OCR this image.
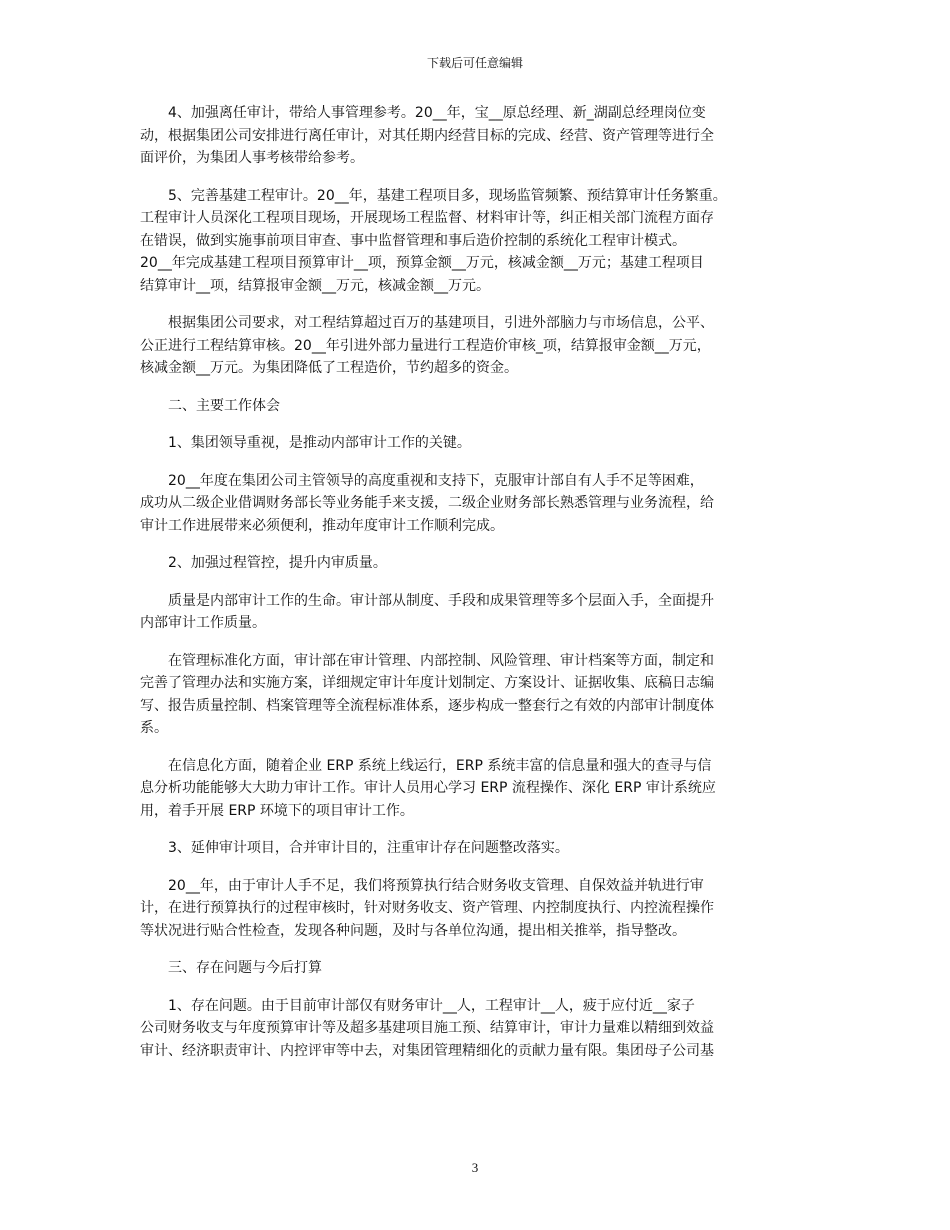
下载后可任意编辑

4、加强离任审计，带给人事管理参考。20__年，宝__原总经理、新_湖副总经理岗位变
动，根据集团公司安排进行离任审计，对其任期内经营目标的完成、经营、资产管理等进行全
面评价，为集团人事考核带给参考。

5、完善基建工程审计。20__年，基建工程项目多，现场监管频繁、预结算审计任务繁重。
工程审计人员深化工程项目现场，开展现场工程监督、材料审计等，纠正相关部门流程方面存
在错误，做到实施事前项目审查、事中监督管理和事后造价控制的系统化工程审计模式。
20__年完成基建工程项目预算审计__项，预算金额__万元，核减金额__万元；基建工程项目
结算审计__项，结算报审金额__万元，核减金额__万元。

根据集团公司要求，对工程结算超过百万的基建项目，引进外部脑力与市场信息，公平、
公正进行工程结算审核。20__年引进外部力量进行工程造价审核_项，结算报审金额__万元，
核减金额__万元。为集团降低了工程造价，节约超多的资金。

二、主要工作体会

1、集团领导重视，是推动内部审计工作的关键。

20__年度在集团公司主管领导的高度重视和支持下，克服审计部自有人手不足等困难，
成功从二级企业借调财务部长等业务能手来支援，二级企业财务部长熟悉管理与业务流程，给
审计工作进展带来必须便利，推动年度审计工作顺利完成。

2、加强过程管控，提升内审质量。

质量是内部审计工作的生命。审计部从制度、手段和成果管理等多个层面入手，全面提升
内部审计工作质量。

在管理标准化方面，审计部在审计管理、内部控制、风险管理、审计档案等方面，制定和
完善了管理办法和实施方案，详细规定审计年度计划制定、方案设计、证据收集、底稿日志编
写、报告质量控制、档案管理等全流程标准体系，逐步构成一整套行之有效的内部审计制度体
系。

在信息化方面，随着企业 ERP 系统上线运行，ERP 系统丰富的信息量和强大的查寻与信
息分析功能能够大大助力审计工作。审计人员用心学习 ERP 流程操作、深化 ERP 审计系统应
用，着手开展 ERP 环境下的项目审计工作。

3、延伸审计项目，合并审计目的，注重审计存在问题整改落实。

20__年，由于审计人手不足，我们将预算执行结合财务收支管理、自保效益并轨进行审
计，在进行预算执行的过程审核时，针对财务收支、资产管理、内控制度执行、内控流程操作
等状况进行贴合性检查，发现各种问题，及时与各单位沟通，提出相关推举，指导整改。

三、存在问题与今后打算

1、存在问题。由于目前审计部仅有财务审计__人，工程审计__人，疲于应付近__家子
公司财务收支与年度预算审计等及超多基建项目施工预、结算审计，审计力量难以精细到效益
审计、经济职责审计、内控评审等中去，对集团管理精细化的贡献力量有限。集团母子公司基

3
